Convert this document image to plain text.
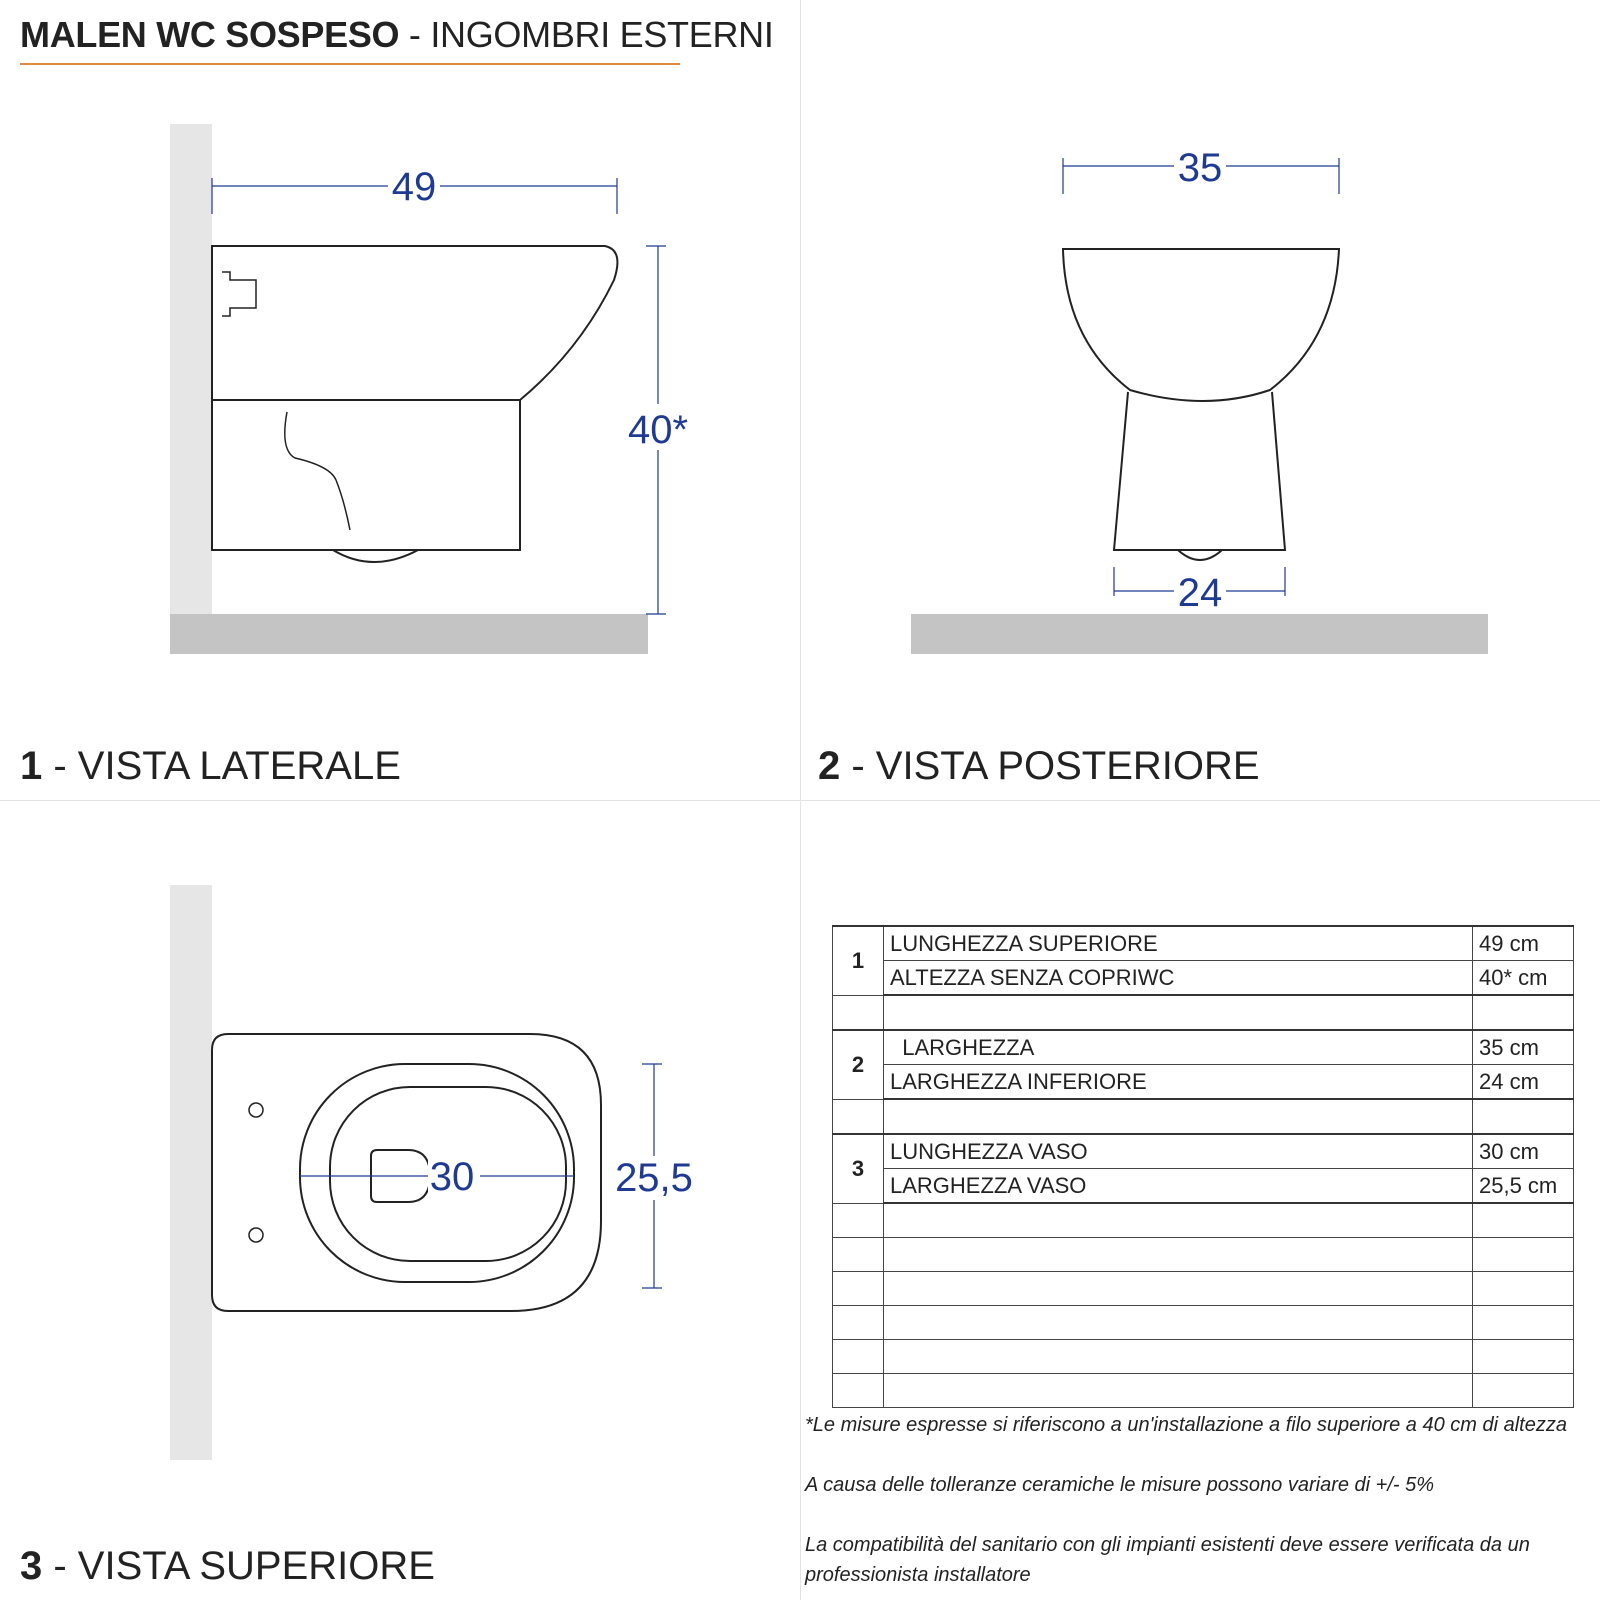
MALEN WC SOSPESO - INGOMBRI ESTERNI
49
40*
1 - VISTA LATERALE
35
24
2 - VISTA POSTERIORE
30	25,5
3 - VISTA SUPERIORE
1	LUNGHEZZA SUPERIORE	49 cm
	ALTEZZA SENZA COPRIWC	40* cm

2	LARGHEZZA	35 cm
	LARGHEZZA INFERIORE	24 cm

3	LUNGHEZZA VASO	30 cm
	LARGHEZZA VASO	25,5 cm

*Le misure espresse si riferiscono a un'installazione a filo superiore a 40 cm di altezza
A causa delle tolleranze ceramiche le misure possono variare di +/- 5%
La compatibilità del sanitario con gli impianti esistenti deve essere verificata da un professionista installatore
